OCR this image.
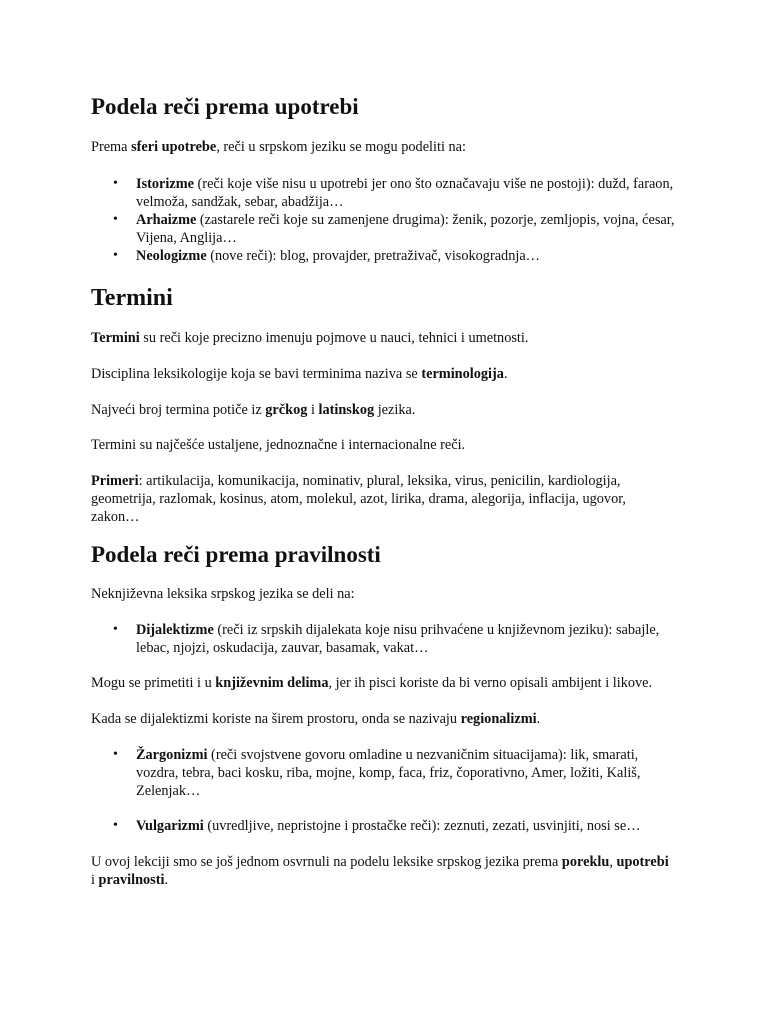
Podela reči prema upotrebi

Prema sferi upotrebe, reči u srpskom jeziku se mogu podeliti na:

• Istorizme (reči koje više nisu u upotrebi jer ono što označavaju više ne postoji): dužd, faraon, velmoža, sandžak, sebar, abadžija…
• Arhaizme (zastarele reči koje su zamenjene drugima): ženik, pozorje, zemljopis, vojna, ćesar, Vijena, Anglija…
• Neologizme (nove reči): blog, provajder, pretraživač, visokogradnja…
Termini

Termini su reči koje precizno imenuju pojmove u nauci, tehnici i umetnosti.

Disciplina leksikologije koja se bavi terminima naziva se terminologija.

Najveći broj termina potiče iz grčkog i latinskog jezika.

Termini su najčešće ustaljene, jednoznačne i internacionalne reči.

Primeri: artikulacija, komunikacija, nominativ, plural, leksika, virus, penicilin, kardiologija, geometrija, razlomak, kosinus, atom, molekul, azot, lirika, drama, alegorija, inflacija, ugovor, zakon…

Podela reči prema pravilnosti

Neknjiževna leksika srpskog jezika se deli na:

• Dijalektizme (reči iz srpskih dijalekata koje nisu prihvaćene u književnom jeziku): sabajle, lebac, njojzi, oskudacija, zauvar, basamak, vakat…

Mogu se primetiti i u književnim delima, jer ih pisci koriste da bi verno opisali ambijent i likove.

Kada se dijalektizmi koriste na širem prostoru, onda se nazivaju regionalizmi.

• Žargonizmi (reči svojstvene govoru omladine u nezvaničnim situacijama): lik, smarati, vozdra, tebra, baci kosku, riba, mojne, komp, faca, friz, čoporativno, Amer, ložiti, Kališ, Zelenjak…
• Vulgarizmi (uvredljive, nepristojne i prostačke reči): zeznuti, zezati, usvinjiti, nosi se…

U ovoj lekciji smo se još jednom osvrnuli na podelu leksike srpskog jezika prema poreklu, upotrebi i pravilnosti.
